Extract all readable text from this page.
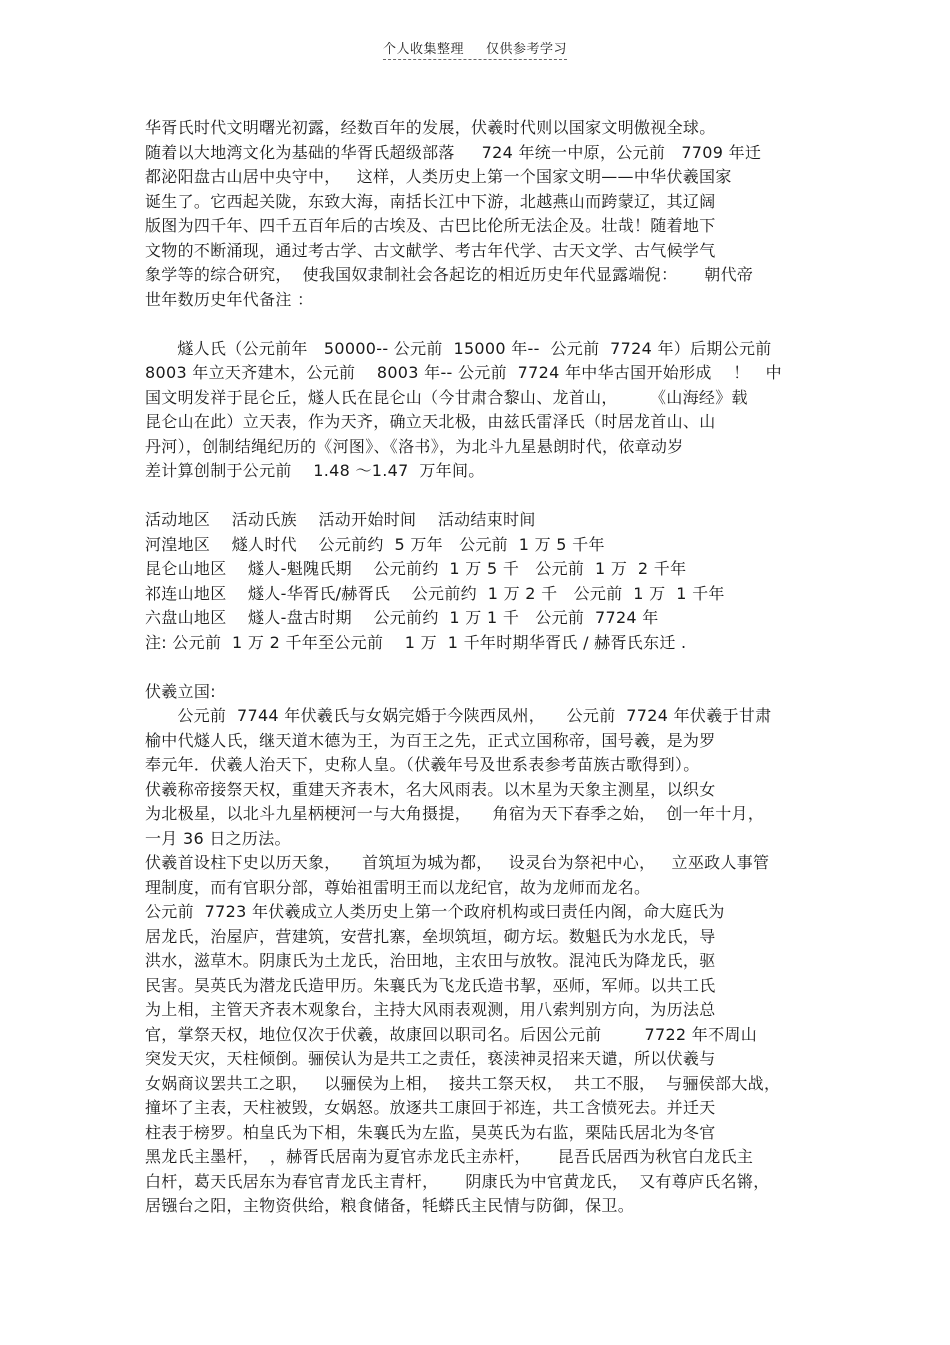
个人收集整理 仅供参考学习
华胥氏时代文明曙光初露，经数百年的发展，伏羲时代则以国家文明傲视全球。
随着以大地湾文化为基础的华胥氏超级部落     724 年统一中原，公元前   7709 年迁
都泌阳盘古山居中央守中，   这样，人类历史上第一个国家文明——中华伏羲国家
诞生了。它西起关陇，东致大海，南括长江中下游，北越燕山而跨蒙辽，其辽阔
版图为四千年、四千五百年后的古埃及、古巴比伦所无法企及。壮哉！随着地下
文物的不断涌现，通过考古学、古文献学、考古年代学、古天文学、古气候学气
象学等的综合研究，  使我国奴隶制社会各起讫的相近历史年代显露端倪：     朝代帝
世年数历史年代备注 ：
燧人氏（公元前年   50000-- 公元前  15000 年--  公元前  7724 年）后期公元前
8003 年立天齐建木，公元前    8003 年-- 公元前  7724 年中华古国开始形成    ！   中
国文明发祥于昆仑丘，燧人氏在昆仑山（今甘肃合黎山、龙首山，      《山海经》载
昆仑山在此）立天表，作为天齐，确立天北极，由兹氏雷泽氏（时居龙首山、山
丹河），创制结绳纪历的《河图》、《洛书》，为北斗九星悬朗时代，依章动岁
差计算创制于公元前    1.48 ～1.47  万年间。
活动地区    活动氏族    活动开始时间    活动结束时间
河湟地区    燧人时代    公元前约  5 万年   公元前  1 万 5 千年
昆仑山地区    燧人-魁隗氏期    公元前约  1 万 5 千   公元前  1 万  2 千年
祁连山地区    燧人-华胥氏/赫胥氏    公元前约  1 万 2 千   公元前  1 万  1 千年
六盘山地区    燧人-盘古时期    公元前约  1 万 1 千   公元前  7724 年
注: 公元前  1 万 2 千年至公元前    1 万  1 千年时期华胥氏 / 赫胥氏东迁 .
伏羲立国:
公元前  7744 年伏羲氏与女娲完婚于今陕西凤州，    公元前  7724 年伏羲于甘肃
榆中代燧人氏，继天道木德为王，为百王之先，正式立国称帝，国号羲，是为罗
奉元年．伏羲人治天下，史称人皇。（伏羲年号及世系表参考苗族古歌得到）。
伏羲称帝接祭天权，重建天齐表木，名大风雨表。以木星为天象主测星，以织女
为北极星，以北斗九星柄梗河一与大角摄提，    角宿为天下春季之始，  创一年十月，
一月 36 日之历法。
伏羲首设柱下史以历天象，    首筑垣为城为都，   设灵台为祭祀中心，   立巫政人事管
理制度，而有官职分部，尊始祖雷明王而以龙纪官，故为龙师而龙名。
公元前  7723 年伏羲成立人类历史上第一个政府机构或曰责任内阁，命大庭氏为
居龙氏，治屋庐，营建筑，安营扎寨，垒坝筑垣，砌方坛。数魁氏为水龙氏，导
洪水，滋草木。阴康氏为土龙氏，治田地，主农田与放牧。混沌氏为降龙氏，驱
民害。昊英氏为潜龙氏造甲历。朱襄氏为飞龙氏造书挈，巫师，军师。以共工氏
为上相，主管天齐表木观象台，主持大风雨表观测，用八索判别方向，为历法总
官，掌祭天权，地位仅次于伏羲，故康回以职司名。后因公元前        7722 年不周山
突发天灾，天柱倾倒。骊侯认为是共工之责任，亵渎神灵招来天谴，所以伏羲与
女娲商议罢共工之职，   以骊侯为上相，  接共工祭天权，  共工不服，  与骊侯部大战，
撞坏了主表，天柱被毁，女娲怒。放逐共工康回于祁连，共工含愤死去。并迁天
柱表于榜罗。柏皇氏为下相，朱襄氏为左监，昊英氏为右监，栗陆氏居北为冬官
黑龙氏主墨杆，  ，赫胥氏居南为夏官赤龙氏主赤杆，     昆吾氏居西为秋官白龙氏主
白杆，葛天氏居东为春官青龙氏主青杆，     阴康氏为中官黄龙氏，  又有尊庐氏名锵，
居镪台之阳，主物资供给，粮食储备，牦蟒氏主民情与防御，保卫。
